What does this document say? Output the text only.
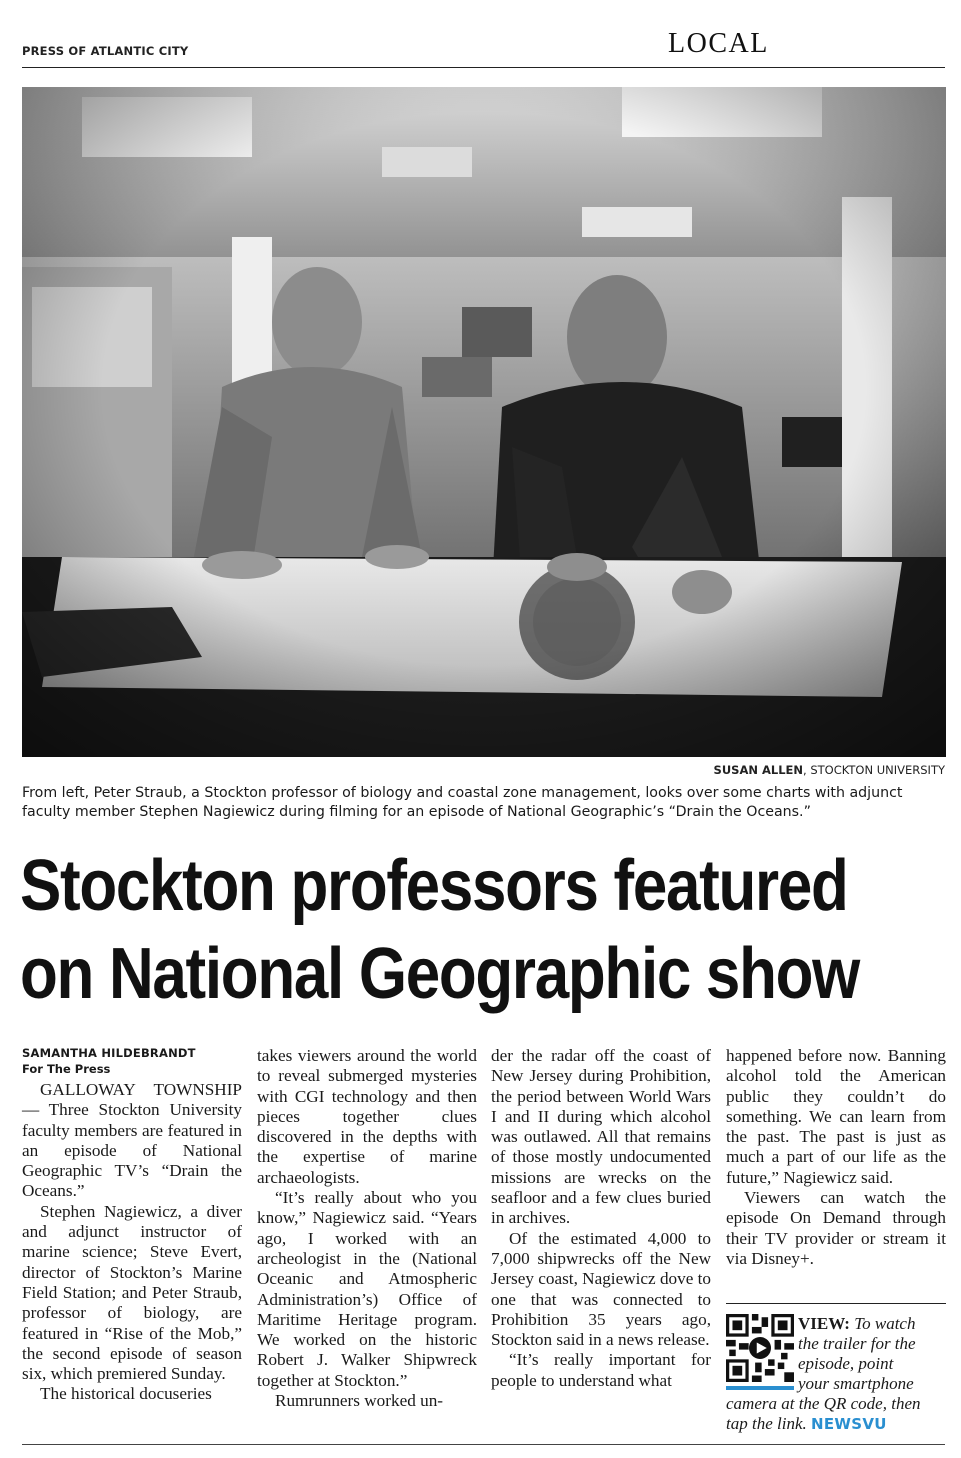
PRESS OF ATLANTIC CITY	LOCAL
SUSAN ALLEN, STOCKTON UNIVERSITY
From left, Peter Straub, a Stockton professor of biology and coastal zone management, looks over some charts with adjunct faculty member Stephen Nagiewicz during filming for an episode of National Geographic’s “Drain the Oceans.”
Stockton professors featured
on National Geographic show
SAMANTHA HILDEBRANDT
For The Press

GALLOWAY TOWNSHIP — Three Stockton University faculty members are featured in an episode of National Geographic TV’s “Drain the Oceans.”

Stephen Nagiewicz, a diver and adjunct instructor of marine science; Steve Evert, director of Stockton’s Marine Field Station; and Peter Straub, professor of biology, are featured in “Rise of the Mob,” the second episode of season six, which premiered Sunday.

The historical docuseries

takes viewers around the world to reveal submerged mysteries with CGI technology and then pieces together clues discovered in the depths with the expertise of marine archaeologists.

“It’s really about who you know,” Nagiewicz said. “Years ago, I worked with an archeologist in the (National Oceanic and Atmospheric Administration’s) Office of Maritime Heritage program. We worked on the historic Robert J. Walker Shipwreck together at Stockton.”

Rumrunners worked un-

der the radar off the coast of New Jersey during Prohibition, the period between World Wars I and II during which alcohol was outlawed. All that remains of those mostly undocumented missions are wrecks on the seafloor and a few clues buried in archives.

Of the estimated 4,000 to 7,000 shipwrecks off the New Jersey coast, Nagiewicz dove to one that was connected to Prohibition 35 years ago, Stockton said in a news release.

“It’s really important for people to understand what

happened before now. Banning alcohol told the American public they couldn’t do something. We can learn from the past. The past is just as much a part of our life as the future,” Nagiewicz said.

Viewers can watch the episode On Demand through their TV provider or stream it via Disney+.

VIEW: To watch
the trailer for the
episode, point
your smartphone
camera at the QR code, then
tap the link. NEWSVU
